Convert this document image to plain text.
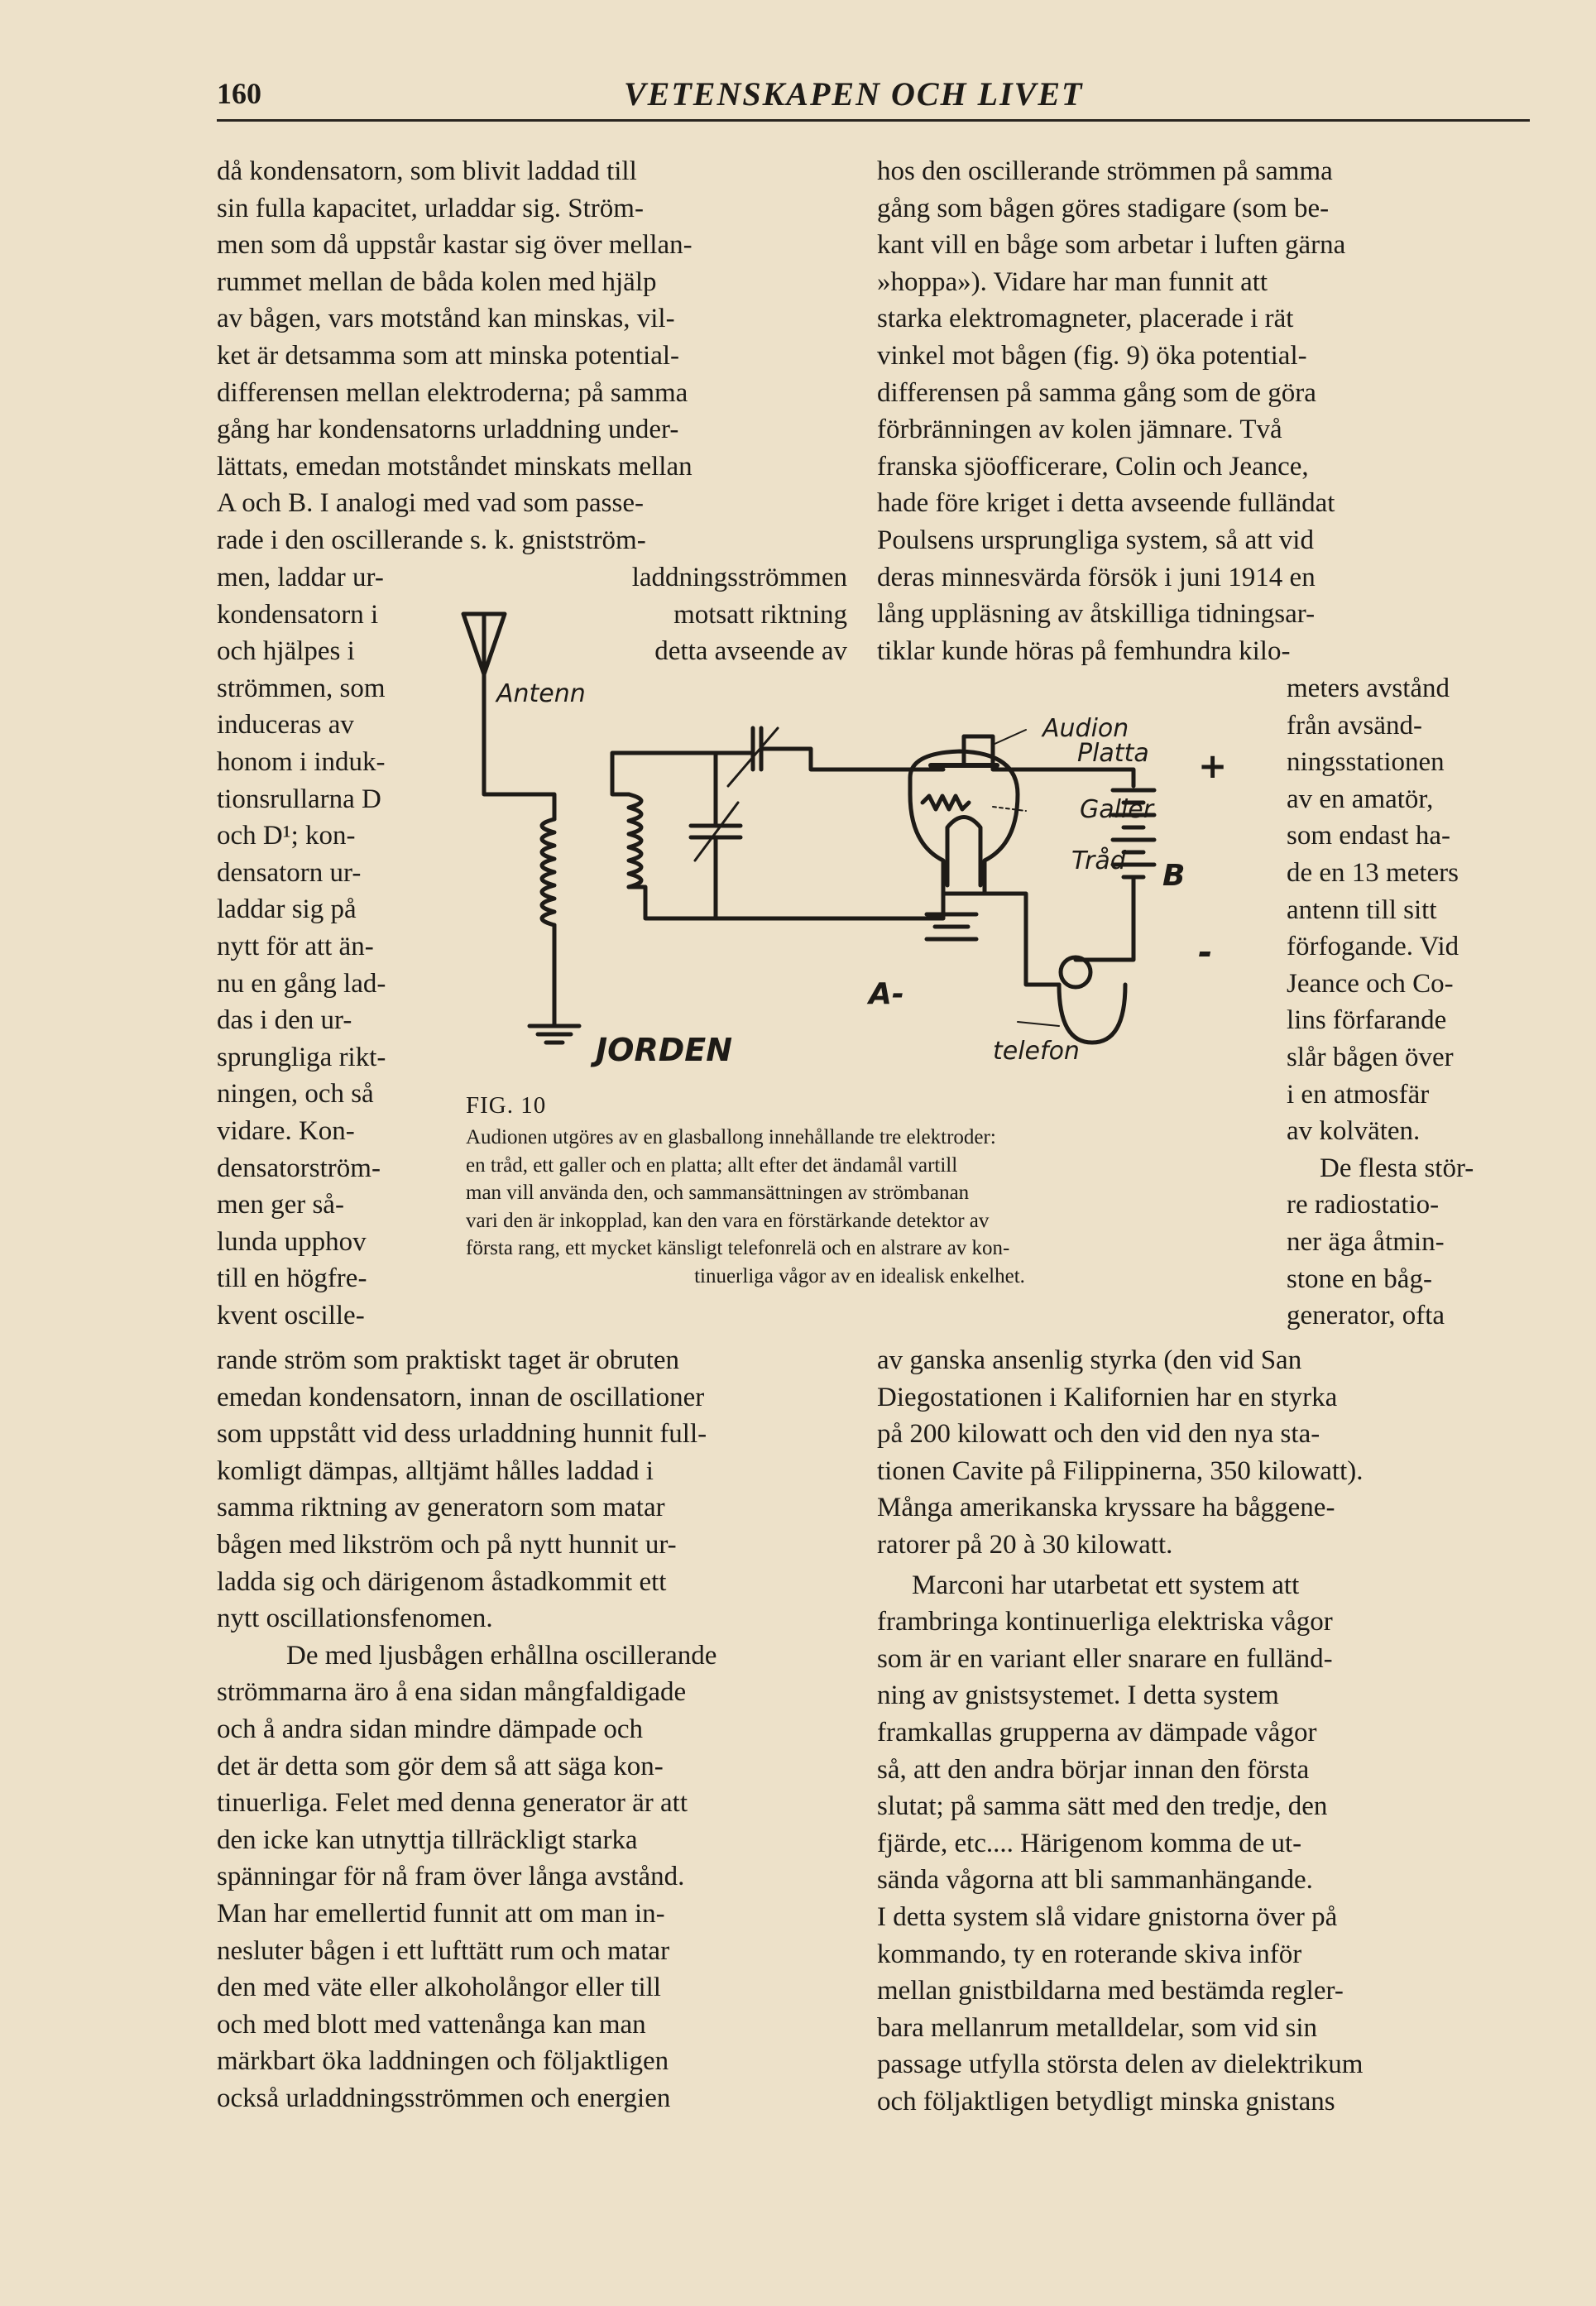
160	VETENSKAPEN OCH LIVET
då kondensatorn, som blivit laddad till
sin fulla kapacitet, urladdar sig. Ström-
men som då uppstår kastar sig över mellan-
rummet mellan de båda kolen med hjälp
av bågen, vars motstånd kan minskas, vil-
ket är detsamma som att minska potential-
differensen mellan elektroderna; på samma
gång har kondensatorns urladdning under-
lättats, emedan motståndet minskats mellan
A och B. I analogi med vad som passe-
rade i den oscillerande s. k. gnistström-
laddningsströmmen
motsatt riktning
detta avseende av
men, laddar ur-
kondensatorn i
och hjälpes i
strömmen, som
induceras av
honom i induk-
tionsrullarna D
och D¹; kon-
densatorn ur-
laddar sig på
nytt för att än-
nu en gång lad-
das i den ur-
sprungliga rikt-
ningen, och så
vidare. Kon-
densatorström-
men ger så-
lunda upphov
till en högfre-
kvent oscille-
rande ström som praktiskt taget är obruten
emedan kondensatorn, innan de oscillationer
som uppstått vid dess urladdning hunnit full-
komligt dämpas, alltjämt hålles laddad i
samma riktning av generatorn som matar
bågen med likström och på nytt hunnit ur-
ladda sig och därigenom åstadkommit ett
nytt oscillationsfenomen.
De med ljusbågen erhållna oscillerande
strömmarna äro å ena sidan mångfaldigade
och å andra sidan mindre dämpade och
det är detta som gör dem så att säga kon-
tinuerliga. Felet med denna generator är att
den icke kan utnyttja tillräckligt starka
spänningar för nå fram över långa avstånd.
Man har emellertid funnit att om man in-
nesluter bågen i ett lufttätt rum och matar
den med väte eller alkoholångor eller till
och med blott med vattenånga kan man
märkbart öka laddningen och följaktligen
också urladdningsströmmen och energien
hos den oscillerande strömmen på samma
gång som bågen göres stadigare (som be-
kant vill en båge som arbetar i luften gärna
»hoppa»). Vidare har man funnit att
starka elektromagneter, placerade i rät
vinkel mot bågen (fig. 9) öka potential-
differensen på samma gång som de göra
förbränningen av kolen jämnare. Två
franska sjöofficerare, Colin och Jeance,
hade före kriget i detta avseende fulländat
Poulsens ursprungliga system, så att vid
deras minnesvärda försök i juni 1914 en
lång uppläsning av åtskilliga tidningsar-
tiklar kunde höras på femhundra kilo-
meters avstånd
från avsänd-
ningsstationen
av en amatör,
som endast ha-
de en 13 meters
antenn till sitt
förfogande. Vid
Jeance och Co-
lins förfarande
slår bågen över
i en atmosfär
av kolväten.
De flesta stör-
re radiostatio-
ner äga åtmin-
stone en båg-
generator, ofta
av ganska ansenlig styrka (den vid San
Diegostationen i Kalifornien har en styrka
på 200 kilowatt och den vid den nya sta-
tionen Cavite på Filippinerna, 350 kilowatt).
Många amerikanska kryssare ha båggene-
ratorer på 20 à 30 kilowatt.
Marconi har utarbetat ett system att
frambringa kontinuerliga elektriska vågor
som är en variant eller snarare en fulländ-
ning av gnistsystemet. I detta system
framkallas grupperna av dämpade vågor
så, att den andra börjar innan den första
slutat; på samma sätt med den tredje, den
fjärde, etc.... Härigenom komma de ut-
sända vågorna att bli sammanhängande.
I detta system slå vidare gnistorna över på
kommando, ty en roterande skiva inför
mellan gnistbildarna med bestämda regler-
bara mellanrum metalldelar, som vid sin
passage utfylla största delen av dielektrikum
och följaktligen betydligt minska gnistans
Antenn
JORDEN
Audion
Platta
Galler
Tråd
telefon
B
A-
+
-
FIG. 10
Audionen utgöres av en glasballong innehållande tre elektroder:
en tråd, ett galler och en platta; allt efter det ändamål vartill
man vill använda den, och sammansättningen av strömbanan
vari den är inkopplad, kan den vara en förstärkande detektor av
första rang, ett mycket känsligt telefonrelä och en alstrare av kon-
tinuerliga vågor av en idealisk enkelhet.
